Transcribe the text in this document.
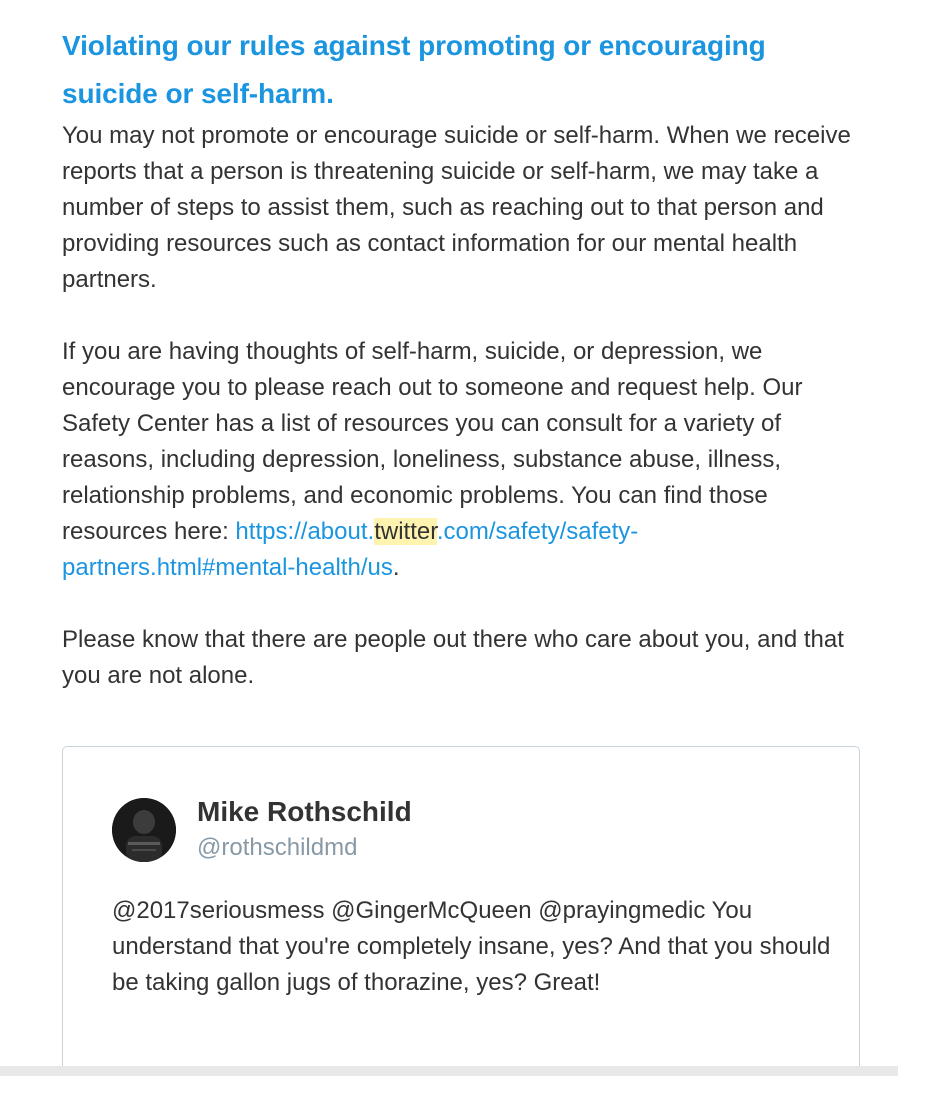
Violating our rules against promoting or encouraging suicide or self-harm.

You may not promote or encourage suicide or self-harm. When we receive reports that a person is threatening suicide or self-harm, we may take a number of steps to assist them, such as reaching out to that person and providing resources such as contact information for our mental health partners.

If you are having thoughts of self-harm, suicide, or depression, we encourage you to please reach out to someone and request help. Our Safety Center has a list of resources you can consult for a variety of reasons, including depression, loneliness, substance abuse, illness, relationship problems, and economic problems. You can find those resources here: https://about.twitter.com/safety/safety-partners.html#mental-health/us.

Please know that there are people out there who care about you, and that you are not alone.

Mike Rothschild
@rothschildmd

@2017seriousmess @GingerMcQueen @prayingmedic You understand that you're completely insane, yes? And that you should be taking gallon jugs of thorazine, yes? Great!
